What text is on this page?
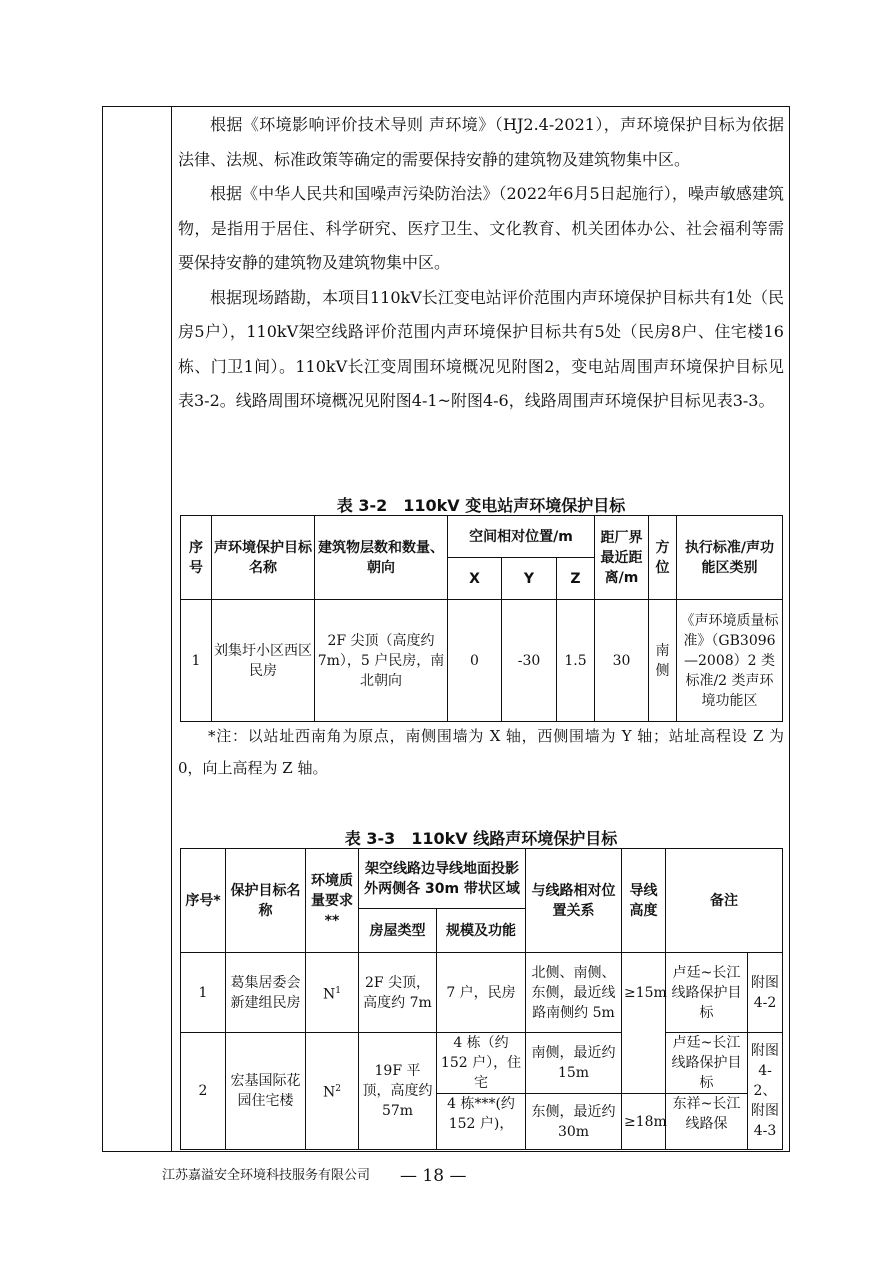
根据《环境影响评价技术导则 声环境》（HJ2.4-2021），声环境保护目标为依据法律、法规、标准政策等确定的需要保持安静的建筑物及建筑物集中区。

根据《中华人民共和国噪声污染防治法》（2022年6月5日起施行），噪声敏感建筑物，是指用于居住、科学研究、医疗卫生、文化教育、机关团体办公、社会福利等需要保持安静的建筑物及建筑物集中区。

根据现场踏勘，本项目110kV长江变电站评价范围内声环境保护目标共有1处（民房5户），110kV架空线路评价范围内声环境保护目标共有5处（民房8户、住宅楼16栋、门卫1间）。110kV长江变周围环境概况见附图2，变电站周围声环境保护目标见表3-2。线路周围环境概况见附图4-1~附图4-6，线路周围声环境保护目标见表3-3。

表 3-2　110kV 变电站声环境保护目标

序号	声环境保护目标名称	建筑物层数和数量、朝向	空间相对位置/m			距厂界最近距离/m	方位	执行标准/声功能区类别
			X	Y	Z			
1	刘集圩小区西区民房	2F 尖顶（高度约 7m），5 户民房，南北朝向	0	-30	1.5	30	南侧	《声环境质量标准》（GB3096—2008）2 类标准/2 类声环境功能区

*注：以站址西南角为原点，南侧围墙为 X 轴，西侧围墙为 Y 轴；站址高程设 Z 为 0，向上高程为 Z 轴。

表 3-3　110kV 线路声环境保护目标

序号*	保护目标名称	环境质量要求**	架空线路边导线地面投影外两侧各 30m 带状区域		与线路相对位置关系	导线高度	备注	
			房屋类型	规模及功能				
1	葛集居委会新建组民房	$N^1$	2F 尖顶，高度约 7m	7 户，民房	北侧、南侧、东侧，最近线路南侧约 5m	≥15m	卢廷~长江线路保护目标	附图 4-2
2	宏基国际花园住宅楼	$N^2$	19F 平顶，高度约 57m	4 栋（约 152 户），住宅	南侧，最近约 15m		卢廷~长江线路保护目标	附图 4-2、附图 4-3
				4 栋***(约 152 户)，	东侧，最近约 30m	≥18m	东祥~长江线路保	
江苏嘉溢安全环境科技服务有限公司 — 18 —
